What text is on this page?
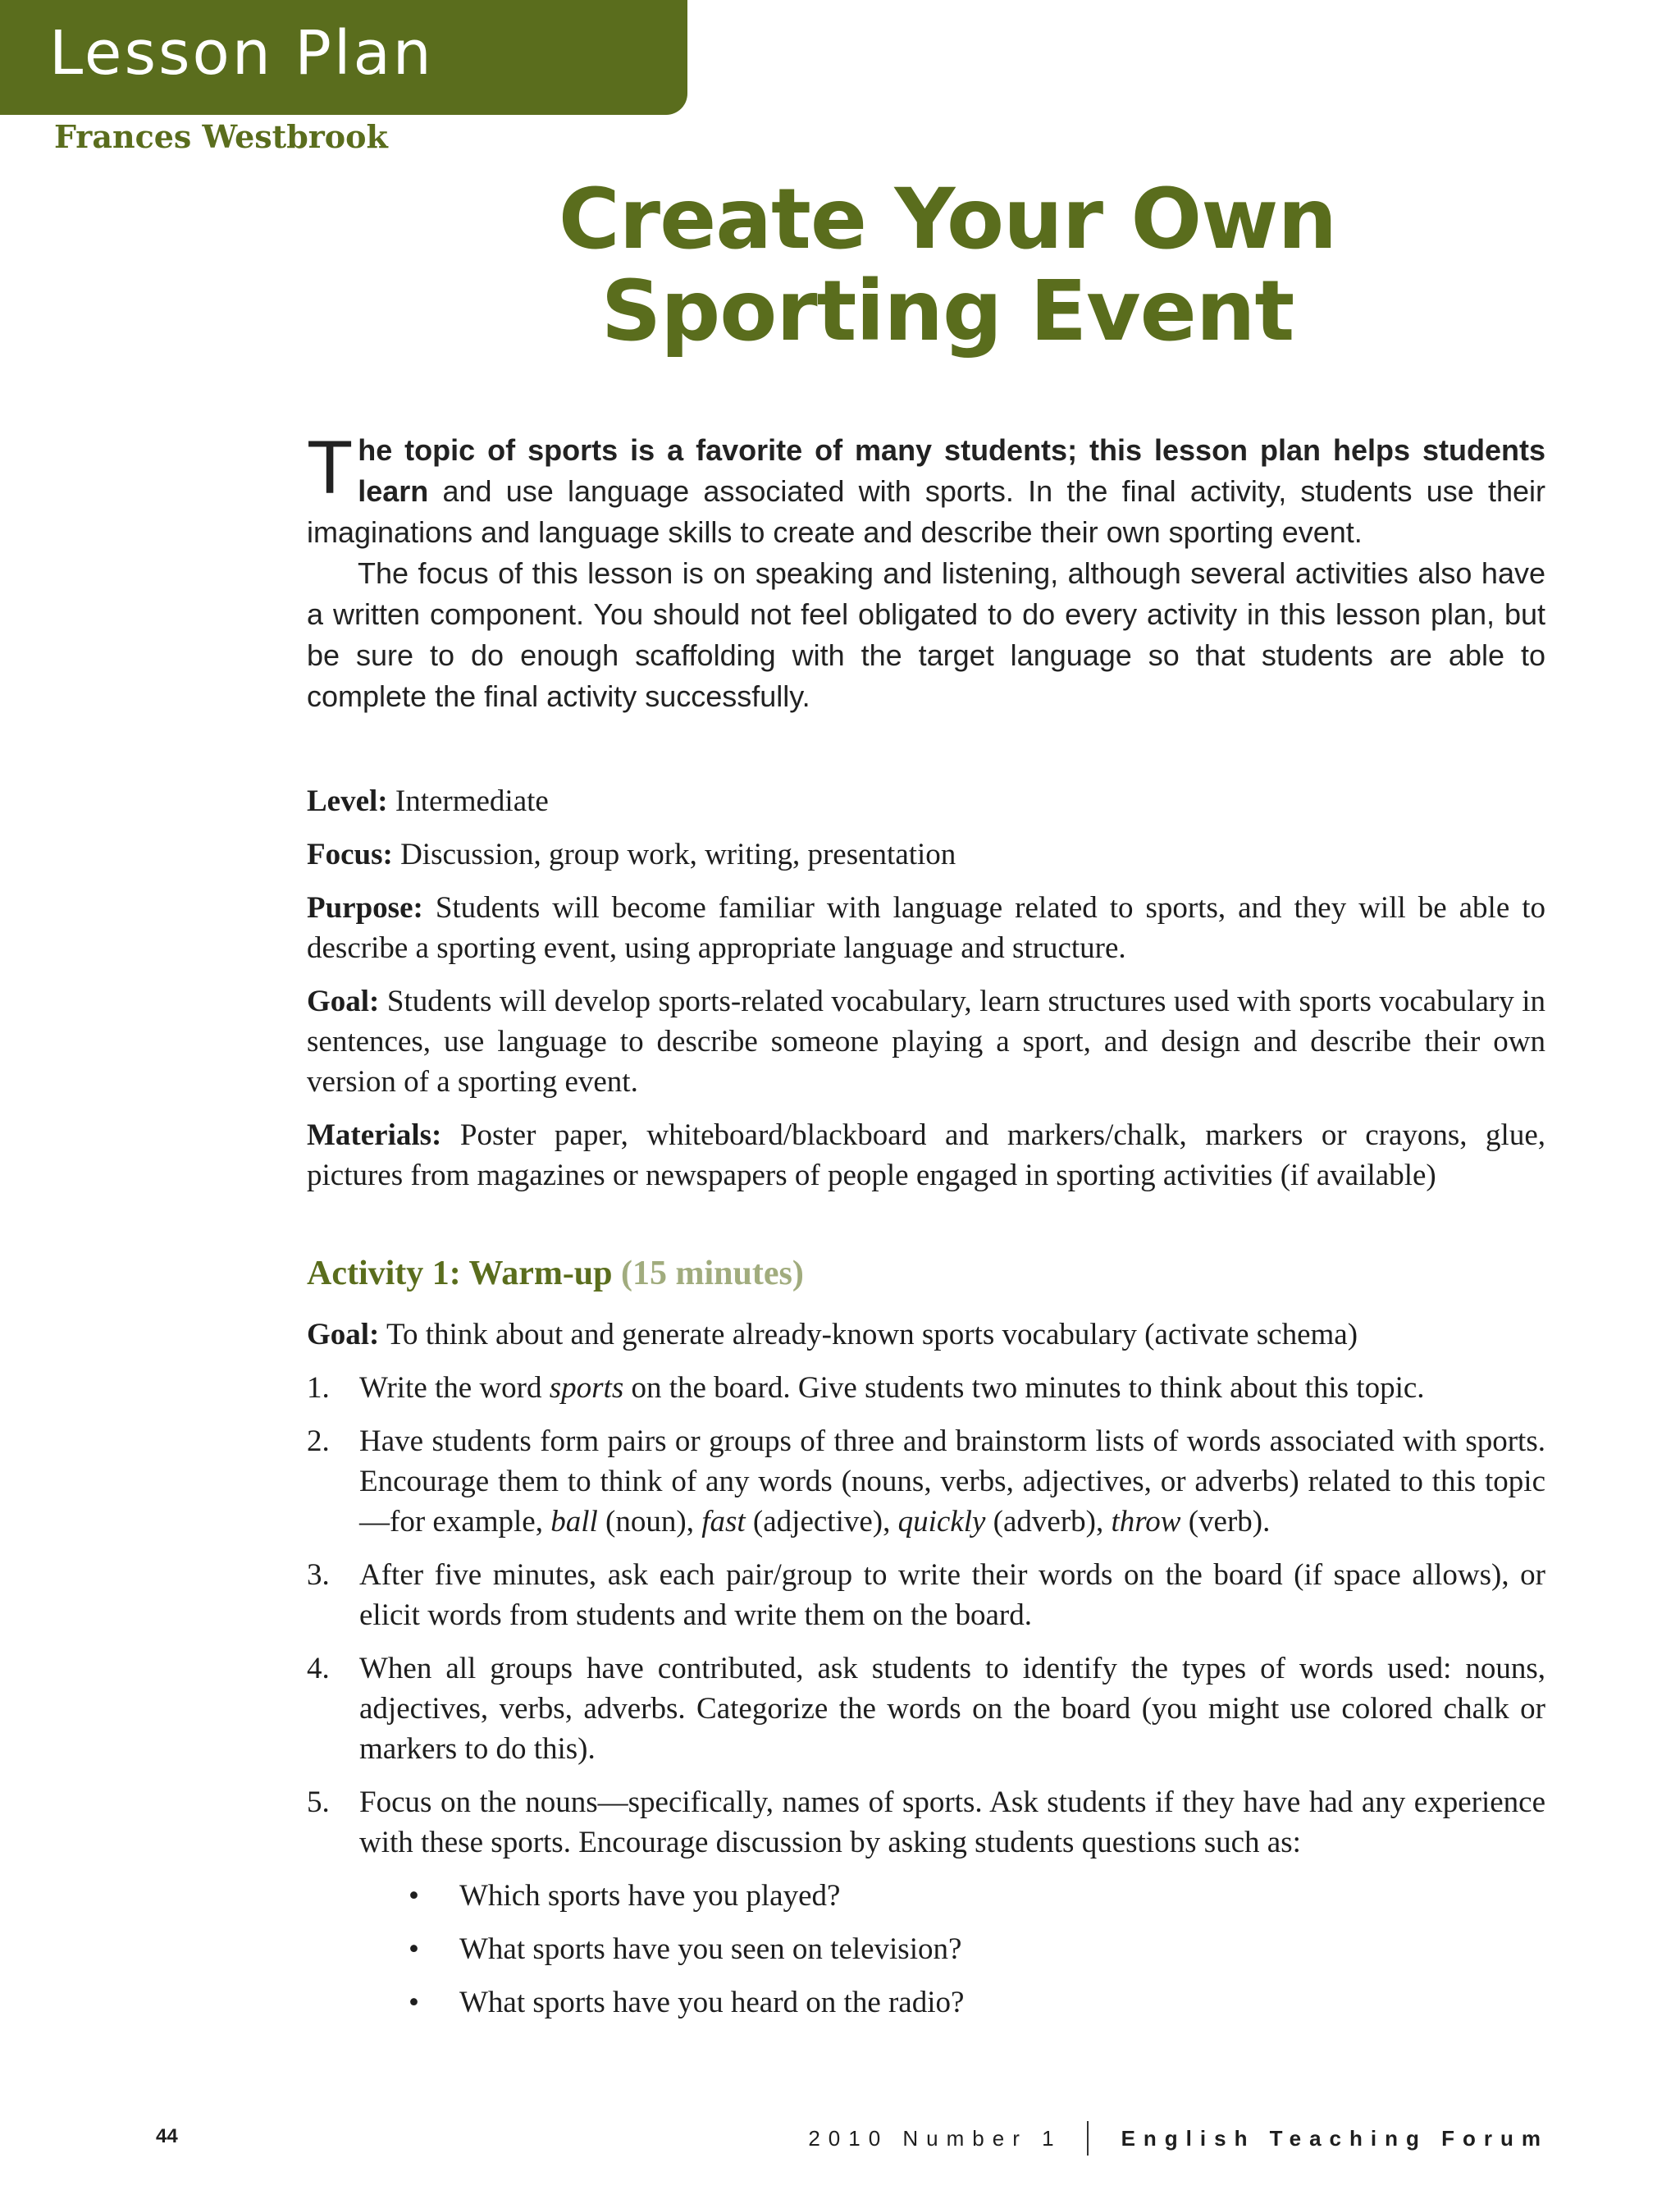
Lesson Plan
Frances Westbrook
Create Your Own
Sporting Event

The topic of sports is a favorite of many students; this lesson plan helps students learn and use language associated with sports. In the final activity, students use their imaginations and language skills to create and describe their own sporting event.

The focus of this lesson is on speaking and listening, although several activities also have a written component. You should not feel obligated to do every activity in this lesson plan, but be sure to do enough scaffolding with the target language so that students are able to complete the final activity successfully.

Level: Intermediate

Focus: Discussion, group work, writing, presentation

Purpose: Students will become familiar with language related to sports, and they will be able to describe a sporting event, using appropriate language and structure.

Goal: Students will develop sports-related vocabulary, learn structures used with sports vocabulary in sentences, use language to describe someone playing a sport, and design and describe their own version of a sporting event.

Materials: Poster paper, whiteboard/blackboard and markers/chalk, markers or crayons, glue, pictures from magazines or newspapers of people engaged in sporting activities (if available)

Activity 1: Warm-up (15 minutes)

Goal: To think about and generate already-known sports vocabulary (activate schema)

1. Write the word sports on the board. Give students two minutes to think about this topic.
2. Have students form pairs or groups of three and brainstorm lists of words associated with sports. Encourage them to think of any words (nouns, verbs, adjectives, or adverbs) related to this topic—for example, ball (noun), fast (adjective), quickly (adverb), throw (verb).
3. After five minutes, ask each pair/group to write their words on the board (if space allows), or elicit words from students and write them on the board.
4. When all groups have contributed, ask students to identify the types of words used: nouns, adjectives, verbs, adverbs. Categorize the words on the board (you might use colored chalk or markers to do this).
5. Focus on the nouns—specifically, names of sports. Ask students if they have had any experience with these sports. Encourage discussion by asking students questions such as:
• Which sports have you played?
• What sports have you seen on television?
• What sports have you heard on the radio?
44	2010 Number 1	English Teaching Forum
